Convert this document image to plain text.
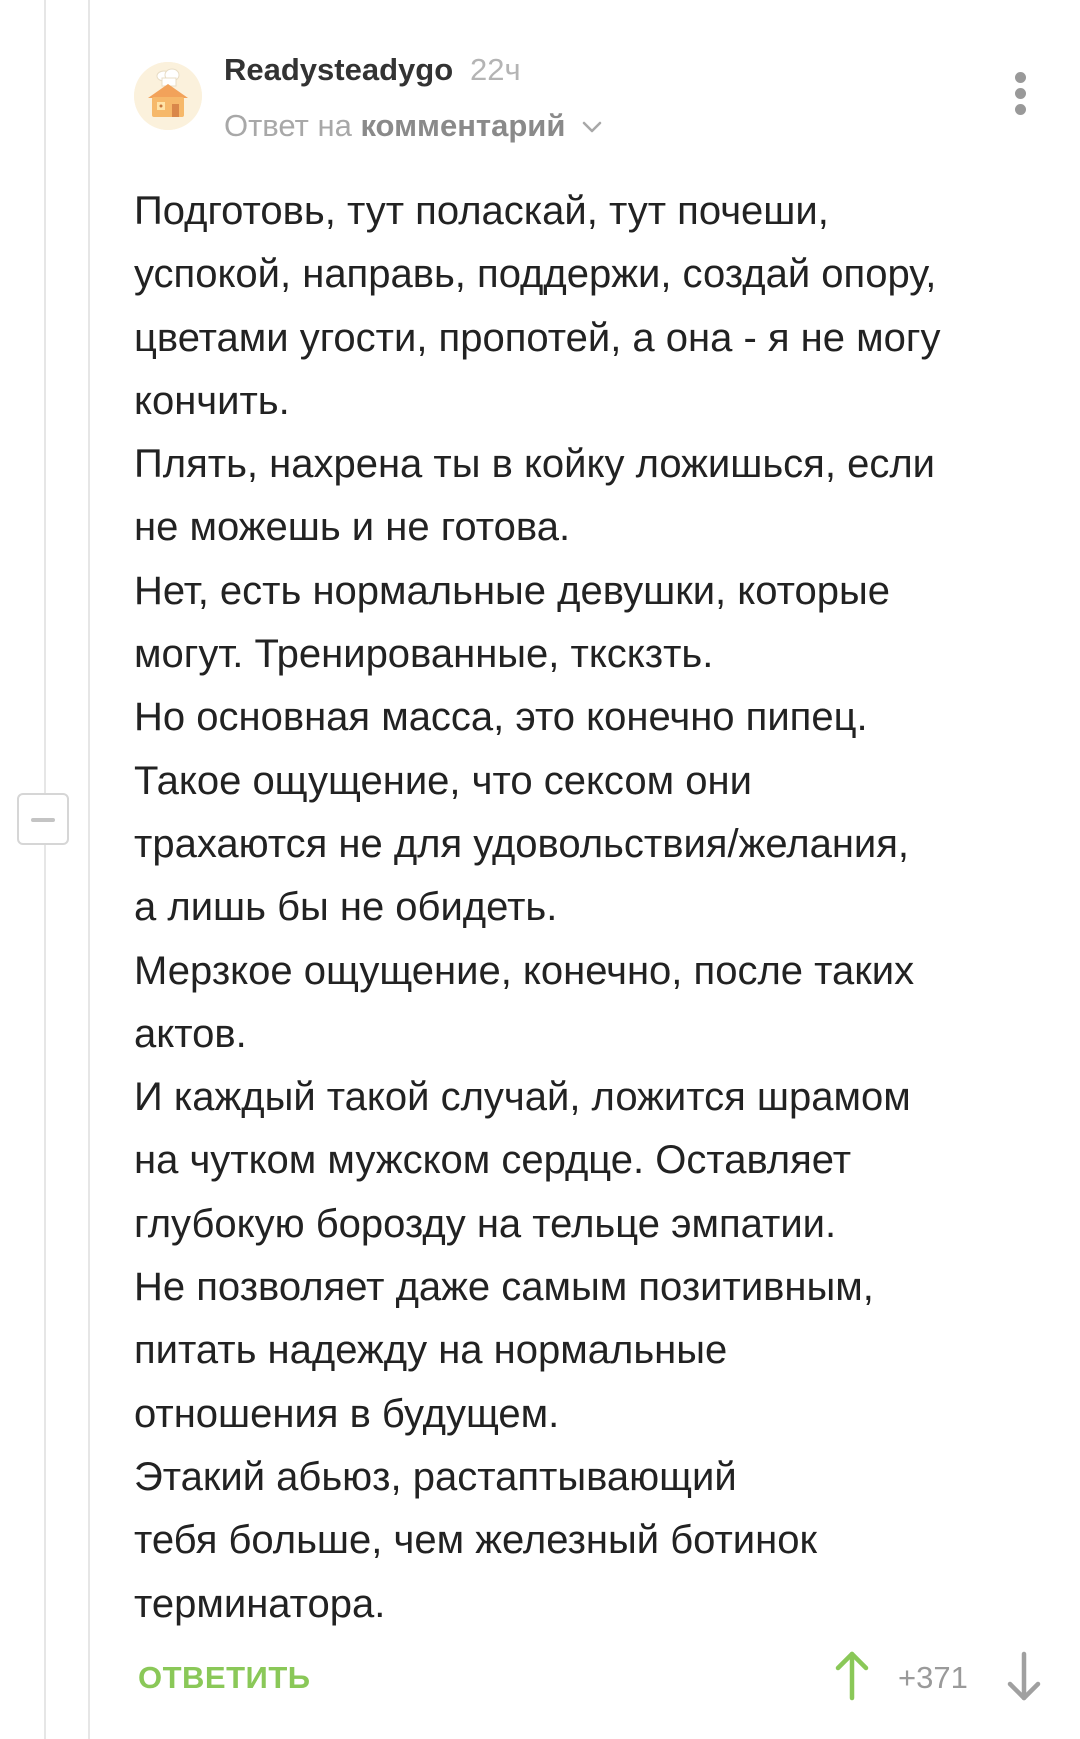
Readysteadygo 22ч
Ответ на комментарий
Подготовь, тут поласкай, тут почеши,
успокой, направь, поддержи, создай опору,
цветами угости, пропотей, а она - я не могу
кончить.
Плять, нахрена ты в койку ложишься, если
не можешь и не готова.
Нет, есть нормальные девушки, которые
могут. Тренированные, ткскзть.
Но основная масса, это конечно пипец.
Такое ощущение, что сексом они
трахаются не для удовольствия/желания,
а лишь бы не обидеть.
Мерзкое ощущение, конечно, после таких
актов.
И каждый такой случай, ложится шрамом
на чутком мужском сердце. Оставляет
глубокую борозду на тельце эмпатии.
Не позволяет даже самым позитивным,
питать надежду на нормальные
отношения в будущем.
Этакий абьюз, растаптывающий
тебя больше, чем железный ботинок
терминатора.
ОТВЕТИТЬ	+371
